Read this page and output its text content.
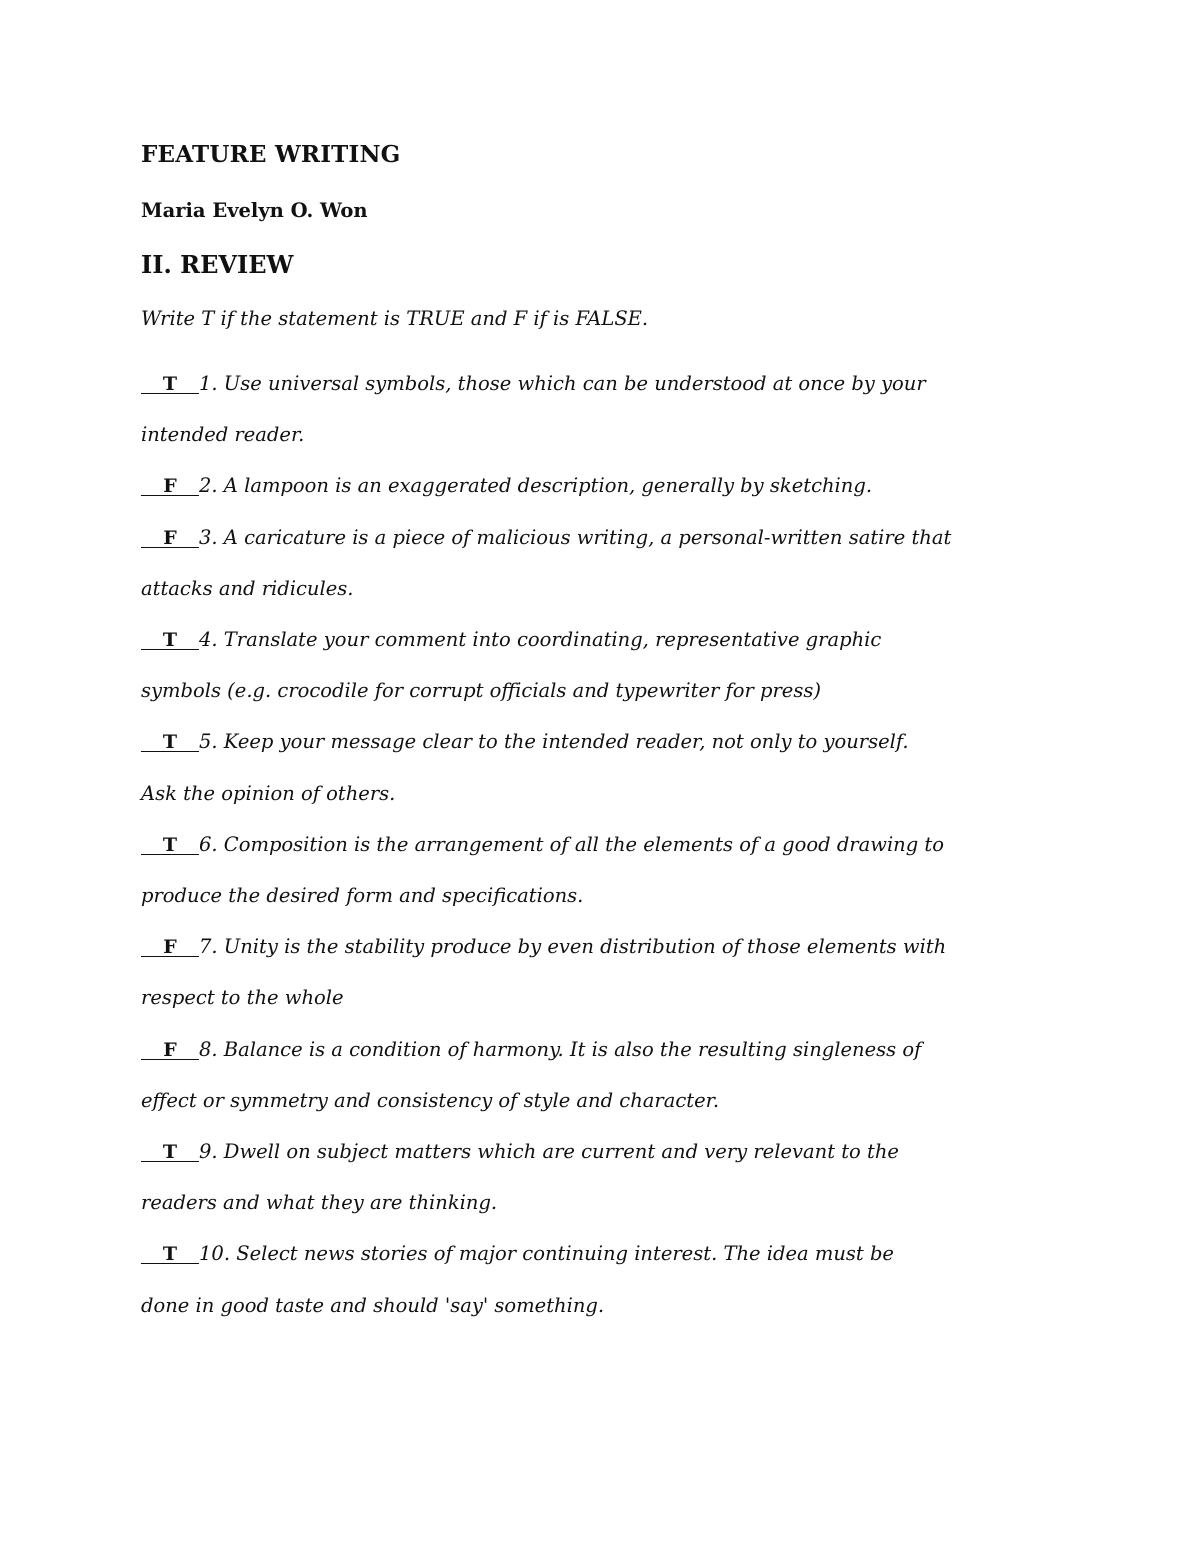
FEATURE WRITING
Maria Evelyn O. Won
II. REVIEW

Write T if the statement is TRUE and F if is FALSE.

T 1. Use universal symbols, those which can be understood at once by your
intended reader.
F 2. A lampoon is an exaggerated description, generally by sketching.
F 3. A caricature is a piece of malicious writing, a personal-written satire that
attacks and ridicules.
T 4. Translate your comment into coordinating, representative graphic
symbols (e.g. crocodile for corrupt officials and typewriter for press)
T 5. Keep your message clear to the intended reader, not only to yourself.
Ask the opinion of others.
T 6. Composition is the arrangement of all the elements of a good drawing to
produce the desired form and specifications.
F 7. Unity is the stability produce by even distribution of those elements with
respect to the whole
F 8. Balance is a condition of harmony. It is also the resulting singleness of
effect or symmetry and consistency of style and character.
T 9. Dwell on subject matters which are current and very relevant to the
readers and what they are thinking.
T 10. Select news stories of major continuing interest. The idea must be
done in good taste and should 'say' something.
